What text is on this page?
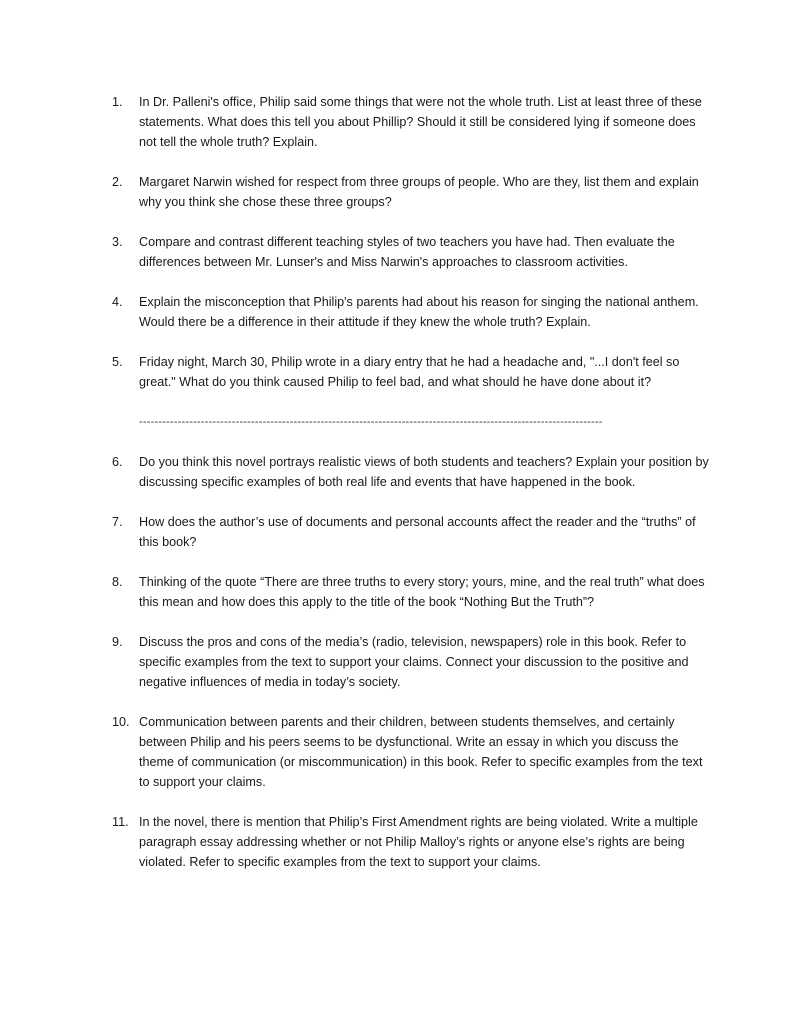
1.	In Dr. Palleni's office, Philip said some things that were not the whole truth. List at least three of these statements. What does this tell you about Phillip? Should it still be considered lying if someone does not tell the whole truth? Explain.
2.	Margaret Narwin wished for respect from three groups of people. Who are they, list them and explain why you think she chose these three groups?
3.	Compare and contrast different teaching styles of two teachers you have had. Then evaluate the differences between Mr. Lunser's and Miss Narwin's approaches to classroom activities.
4.	Explain the misconception that Philip's parents had about his reason for singing the national anthem. Would there be a difference in their attitude if they knew the whole truth? Explain.
5.	Friday night, March 30, Philip wrote in a diary entry that he had a headache and, "...I don't feel so great." What do you think caused Philip to feel bad, and what should he have done about it?
------------------------------------------------------------------------------------------------------------------------
6.	Do you think this novel portrays realistic views of both students and teachers? Explain your position by discussing specific examples of both real life and events that have happened in the book.
7.	How does the author’s use of documents and personal accounts affect the reader and the “truths” of this book?
8.	Thinking of the quote “There are three truths to every story; yours, mine, and the real truth” what does this mean and how does this apply to the title of the book “Nothing But the Truth”?
9.	Discuss the pros and cons of the media’s (radio, television, newspapers) role in this book. Refer to specific examples from the text to support your claims. Connect your discussion to the positive and negative influences of media in today’s society.
10. Communication between parents and their children, between students themselves, and certainly between Philip and his peers seems to be dysfunctional. Write an essay in which you discuss the theme of communication (or miscommunication) in this book. Refer to specific examples from the text to support your claims.
11. In the novel, there is mention that Philip’s First Amendment rights are being violated. Write a multiple paragraph essay addressing whether or not Philip Malloy’s rights or anyone else’s rights are being violated. Refer to specific examples from the text to support your claims.
